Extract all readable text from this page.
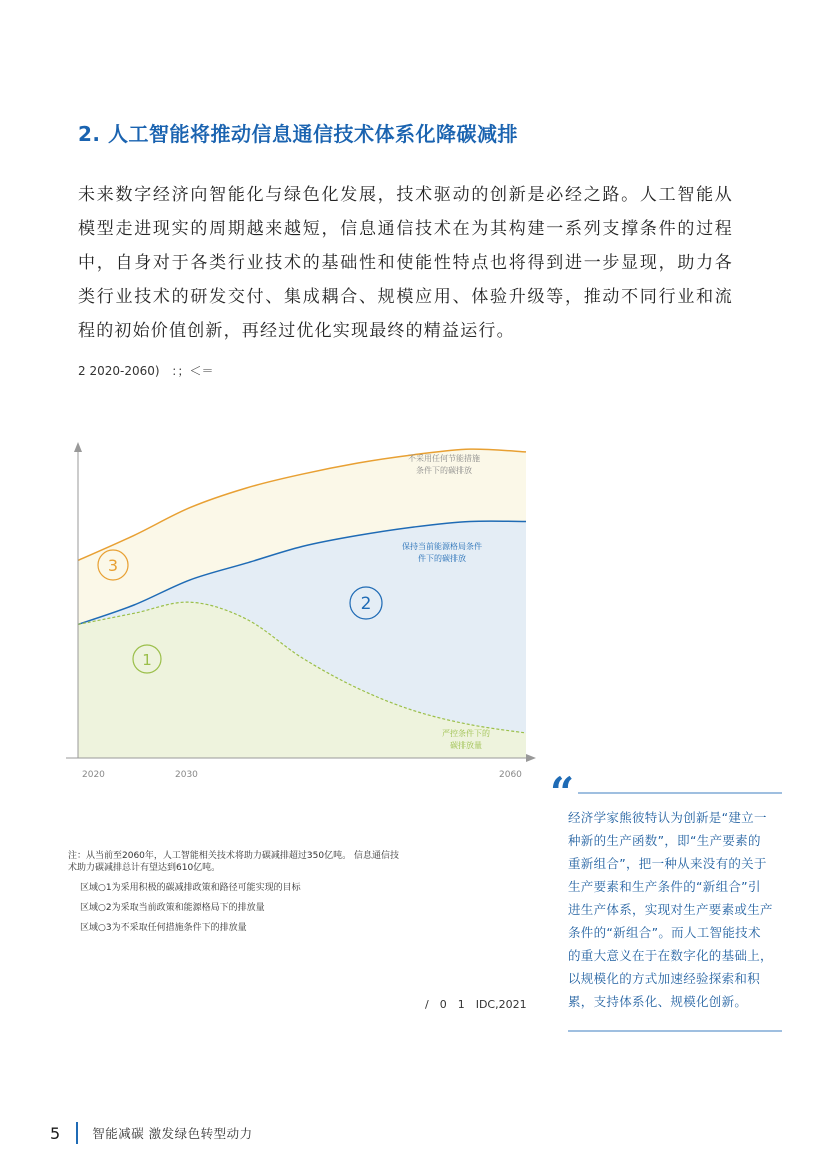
2. 人工智能将推动信息通信技术体系化降碳减排
未来数字经济向智能化与绿色化发展，技术驱动的创新是必经之路。人工智能从模型走进现实的周期越来越短，信息通信技术在为其构建一系列支撑条件的过程中，自身对于各类行业技术的基础性和使能性特点也将得到进一步显现，助力各类行业技术的研发交付、集成耦合、规模应用、体验升级等，推动不同行业和流程的初始价值创新，再经过优化实现最终的精益运行。
2 2020-2060)　：；＜＝
2020	2030	2060
不采用任何节能措施
条件下的碳排放
保持当前能源格局条件
件下的碳排放
严控条件下的
碳排放量
3
2
1
注：从当前至2060年，人工智能相关技术将助力碳减排超过350亿吨。 信息通信技
术助力碳减排总计有望达到610亿吨。
区域○1为采用积极的碳减排政策和路径可能实现的目标
区域○2为采取当前政策和能源格局下的排放量
区域○3为不采取任何措施条件下的排放量
/　0　1　IDC,2021
“
经济学家熊彼特认为创新是“建立一
种新的生产函数”，即“生产要素的
重新组合”，把一种从来没有的关于
生产要素和生产条件的“新组合”引
进生产体系，实现对生产要素或生产
条件的“新组合”。而人工智能技术
的重大意义在于在数字化的基础上，
以规模化的方式加速经验探索和积
累，支持体系化、规模化创新。
5	智能减碳 激发绿色转型动力
